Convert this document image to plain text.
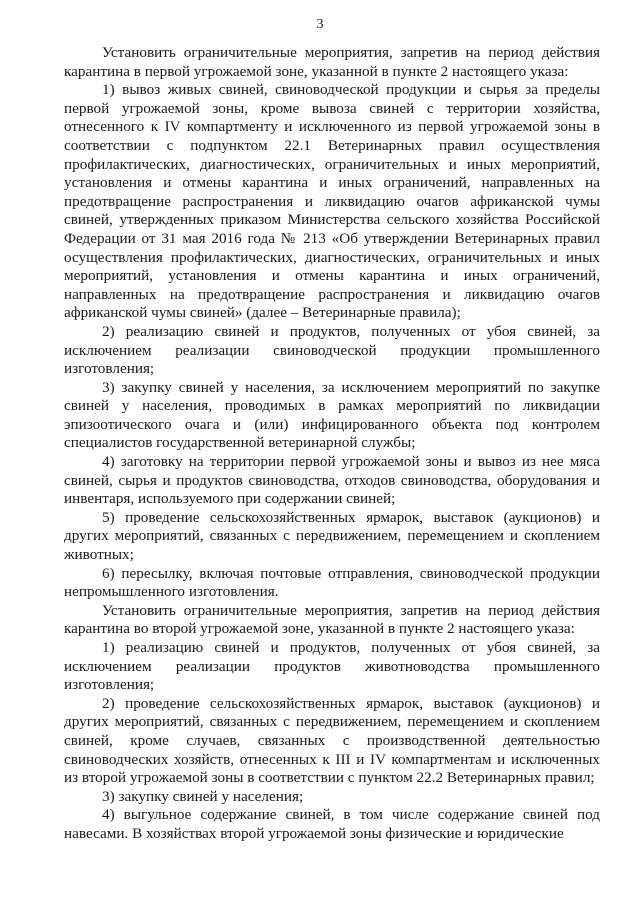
3

Установить ограничительные мероприятия, запретив на период действия карантина в первой угрожаемой зоне, указанной в пункте 2 настоящего указа:

1) вывоз живых свиней, свиноводческой продукции и сырья за пределы первой угрожаемой зоны, кроме вывоза свиней с территории хозяйства, отнесенного к IV компартменту и исключенного из первой угрожаемой зоны в соответствии с подпунктом 22.1 Ветеринарных правил осуществления профилактических, диагностических, ограничительных и иных мероприятий, установления и отмены карантина и иных ограничений, направленных на предотвращение распространения и ликвидацию очагов африканской чумы свиней, утвержденных приказом Министерства сельского хозяйства Российской Федерации от 31 мая 2016 года № 213 «Об утверждении Ветеринарных правил осуществления профилактических, диагностических, ограничительных и иных мероприятий, установления и отмены карантина и иных ограничений, направленных на предотвращение распространения и ликвидацию очагов африканской чумы свиней» (далее – Ветеринарные правила);

2) реализацию свиней и продуктов, полученных от убоя свиней, за исключением реализации свиноводческой продукции промышленного изготовления;

3) закупку свиней у населения, за исключением мероприятий по закупке свиней у населения, проводимых в рамках мероприятий по ликвидации эпизоотического очага и (или) инфицированного объекта под контролем специалистов государственной ветеринарной службы;

4) заготовку на территории первой угрожаемой зоны и вывоз из нее мяса свиней, сырья и продуктов свиноводства, отходов свиноводства, оборудования и инвентаря, используемого при содержании свиней;

5) проведение сельскохозяйственных ярмарок, выставок (аукционов) и других мероприятий, связанных с передвижением, перемещением и скоплением животных;

6) пересылку, включая почтовые отправления, свиноводческой продукции непромышленного изготовления.

Установить ограничительные мероприятия, запретив на период действия карантина во второй угрожаемой зоне, указанной в пункте 2 настоящего указа:

1) реализацию свиней и продуктов, полученных от убоя свиней, за исключением реализации продуктов животноводства промышленного изготовления;

2) проведение сельскохозяйственных ярмарок, выставок (аукционов) и других мероприятий, связанных с передвижением, перемещением и скоплением свиней, кроме случаев, связанных с производственной деятельностью свиноводческих хозяйств, отнесенных к III и IV компартментам и исключенных из второй угрожаемой зоны в соответствии с пунктом 22.2 Ветеринарных правил;

3) закупку свиней у населения;

4) выгульное содержание свиней, в том числе содержание свиней под навесами. В хозяйствах второй угрожаемой зоны физические и юридические
